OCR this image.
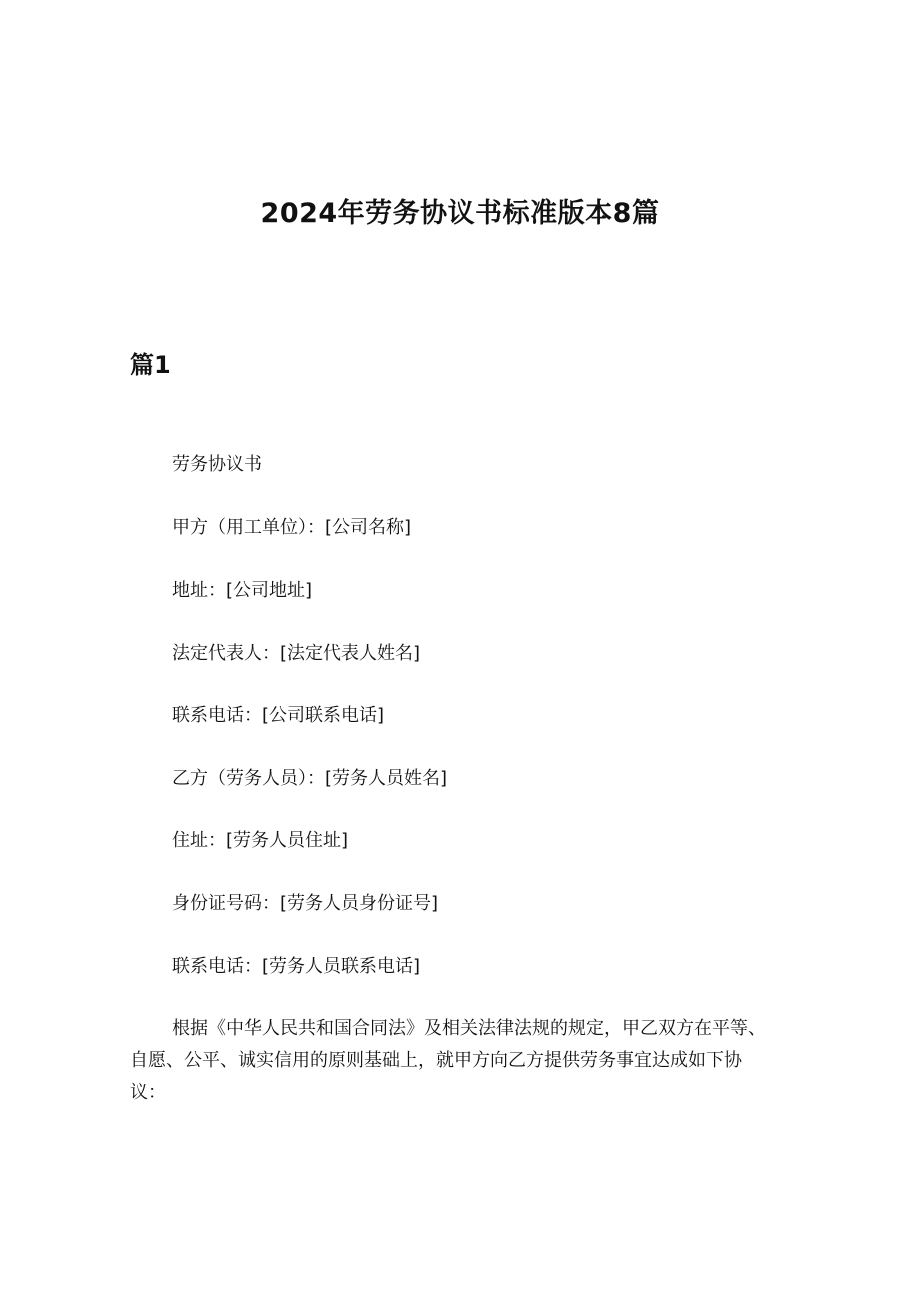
2024年劳务协议书标准版本8篇
篇1
劳务协议书
甲方（用工单位）：[公司名称]
地址：[公司地址]
法定代表人：[法定代表人姓名]
联系电话：[公司联系电话]
乙方（劳务人员）：[劳务人员姓名]
住址：[劳务人员住址]
身份证号码：[劳务人员身份证号]
联系电话：[劳务人员联系电话]
根据《中华人民共和国合同法》及相关法律法规的规定，甲乙双方在平等、自愿、公平、诚实信用的原则基础上，就甲方向乙方提供劳务事宜达成如下协议：
